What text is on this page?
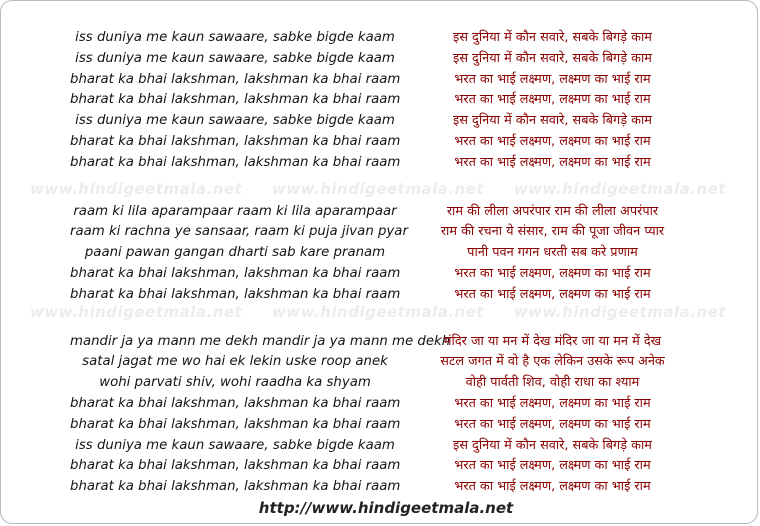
www.hindigeetmala.net www.hindigeetmala.net www.hindigeetmala.net
www.hindigeetmala.net www.hindigeetmala.net www.hindigeetmala.net
iss duniya me kaun sawaare, sabke bigde kaam
iss duniya me kaun sawaare, sabke bigde kaam
bharat ka bhai lakshman, lakshman ka bhai raam
bharat ka bhai lakshman, lakshman ka bhai raam
iss duniya me kaun sawaare, sabke bigde kaam
bharat ka bhai lakshman, lakshman ka bhai raam
bharat ka bhai lakshman, lakshman ka bhai raam
raam ki lila aparampaar raam ki lila aparampaar
raam ki rachna ye sansaar, raam ki puja jivan pyar
paani pawan gangan dharti sab kare pranam
bharat ka bhai lakshman, lakshman ka bhai raam
bharat ka bhai lakshman, lakshman ka bhai raam
mandir ja ya mann me dekh mandir ja ya mann me dekh
satal jagat me wo hai ek lekin uske roop anek
wohi parvati shiv, wohi raadha ka shyam
bharat ka bhai lakshman, lakshman ka bhai raam
bharat ka bhai lakshman, lakshman ka bhai raam
iss duniya me kaun sawaare, sabke bigde kaam
bharat ka bhai lakshman, lakshman ka bhai raam
bharat ka bhai lakshman, lakshman ka bhai raam
इस दुनिया में कौन सवारे, सबके बिगड़े काम
इस दुनिया में कौन सवारे, सबके बिगड़े काम
भरत का भाई लक्ष्मण, लक्ष्मण का भाई राम
भरत का भाई लक्ष्मण, लक्ष्मण का भाई राम
इस दुनिया में कौन सवारे, सबके बिगड़े काम
भरत का भाई लक्ष्मण, लक्ष्मण का भाई राम
भरत का भाई लक्ष्मण, लक्ष्मण का भाई राम
राम की लीला अपरंपार राम की लीला अपरंपार
राम की रचना ये संसार, राम की पूजा जीवन प्यार
पानी पवन गगन धरती सब करे प्रणाम
भरत का भाई लक्ष्मण, लक्ष्मण का भाई राम
भरत का भाई लक्ष्मण, लक्ष्मण का भाई राम
मंदिर जा या मन में देख मंदिर जा या मन में देख
सटल जगत में वो है एक लेकिन उसके रूप अनेक
वोही पार्वती शिव, वोही राधा का श्याम
भरत का भाई लक्ष्मण, लक्ष्मण का भाई राम
भरत का भाई लक्ष्मण, लक्ष्मण का भाई राम
इस दुनिया में कौन सवारे, सबके बिगड़े काम
भरत का भाई लक्ष्मण, लक्ष्मण का भाई राम
भरत का भाई लक्ष्मण, लक्ष्मण का भाई राम
http://www.hindigeetmala.net
